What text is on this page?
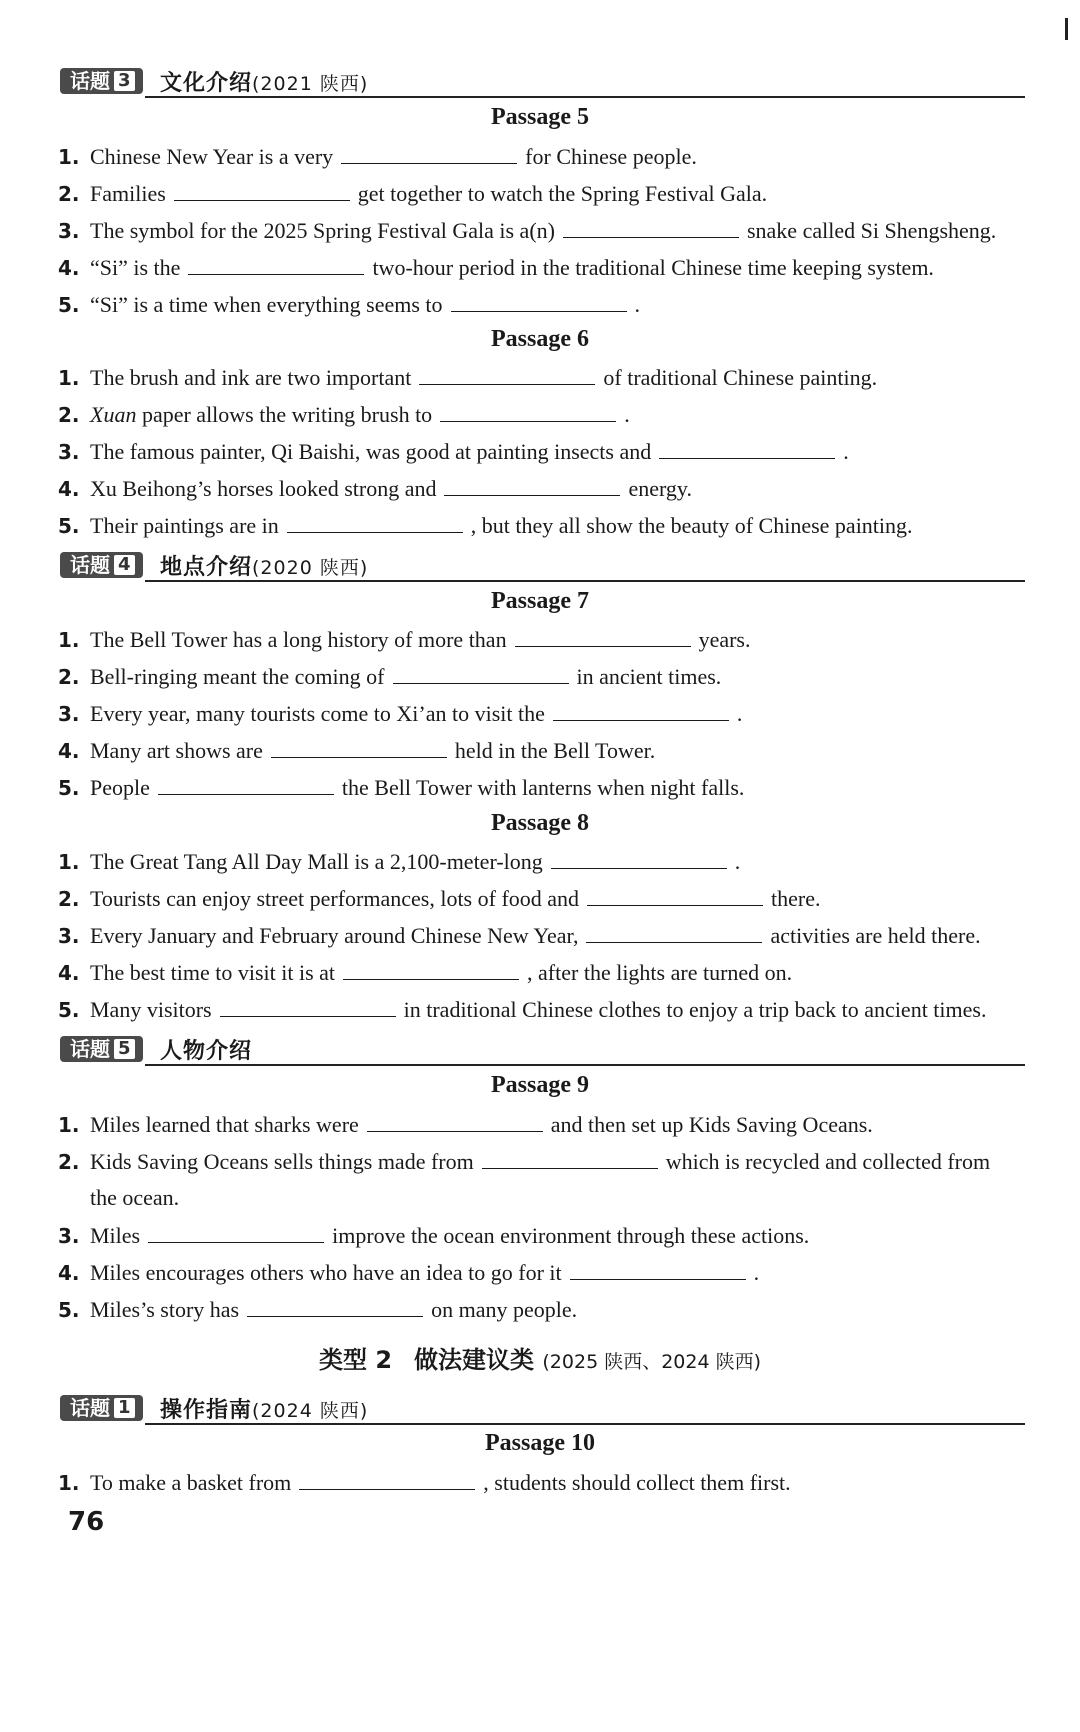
话题 3 文化介绍(2021 陕西)
Passage 5
1. Chinese New Year is a very	for Chinese people.
2. Families	get together to watch the Spring Festival Gala.
3. The symbol for the 2025 Spring Festival Gala is a(n)	snake called Si Shengsheng.
4. “Si” is the	two-hour period in the traditional Chinese time keeping system.
5. “Si” is a time when everything seems to	.
Passage 6
1. The brush and ink are two important	of traditional Chinese painting.
2. Xuan paper allows the writing brush to	.
3. The famous painter, Qi Baishi, was good at painting insects and	.
4. Xu Beihong’s horses looked strong and	energy.
5. Their paintings are in	, but they all show the beauty of Chinese painting.
话题 4 地点介绍(2020 陕西)
Passage 7
1. The Bell Tower has a long history of more than	years.
2. Bell-ringing meant the coming of	in ancient times.
3. Every year, many tourists come to Xi’an to visit the	.
4. Many art shows are	held in the Bell Tower.
5. People	the Bell Tower with lanterns when night falls.
Passage 8
1. The Great Tang All Day Mall is a 2,100-meter-long	.
2. Tourists can enjoy street performances, lots of food and	there.
3. Every January and February around Chinese New Year,	activities are held there.
4. The best time to visit it is at	, after the lights are turned on.
5. Many visitors	in traditional Chinese clothes to enjoy a trip back to ancient times.
话题 5 人物介绍
Passage 9
1. Miles learned that sharks were	and then set up Kids Saving Oceans.
2. Kids Saving Oceans sells things made from	which is recycled and collected from
the ocean.
3. Miles	improve the ocean environment through these actions.
4. Miles encourages others who have an idea to go for it	.
5. Miles’s story has	on many people.
类型 2 做法建议类 (2025 陕西、2024 陕西)
话题 1 操作指南(2024 陕西)
Passage 10
1. To make a basket from	, students should collect them first.
76
